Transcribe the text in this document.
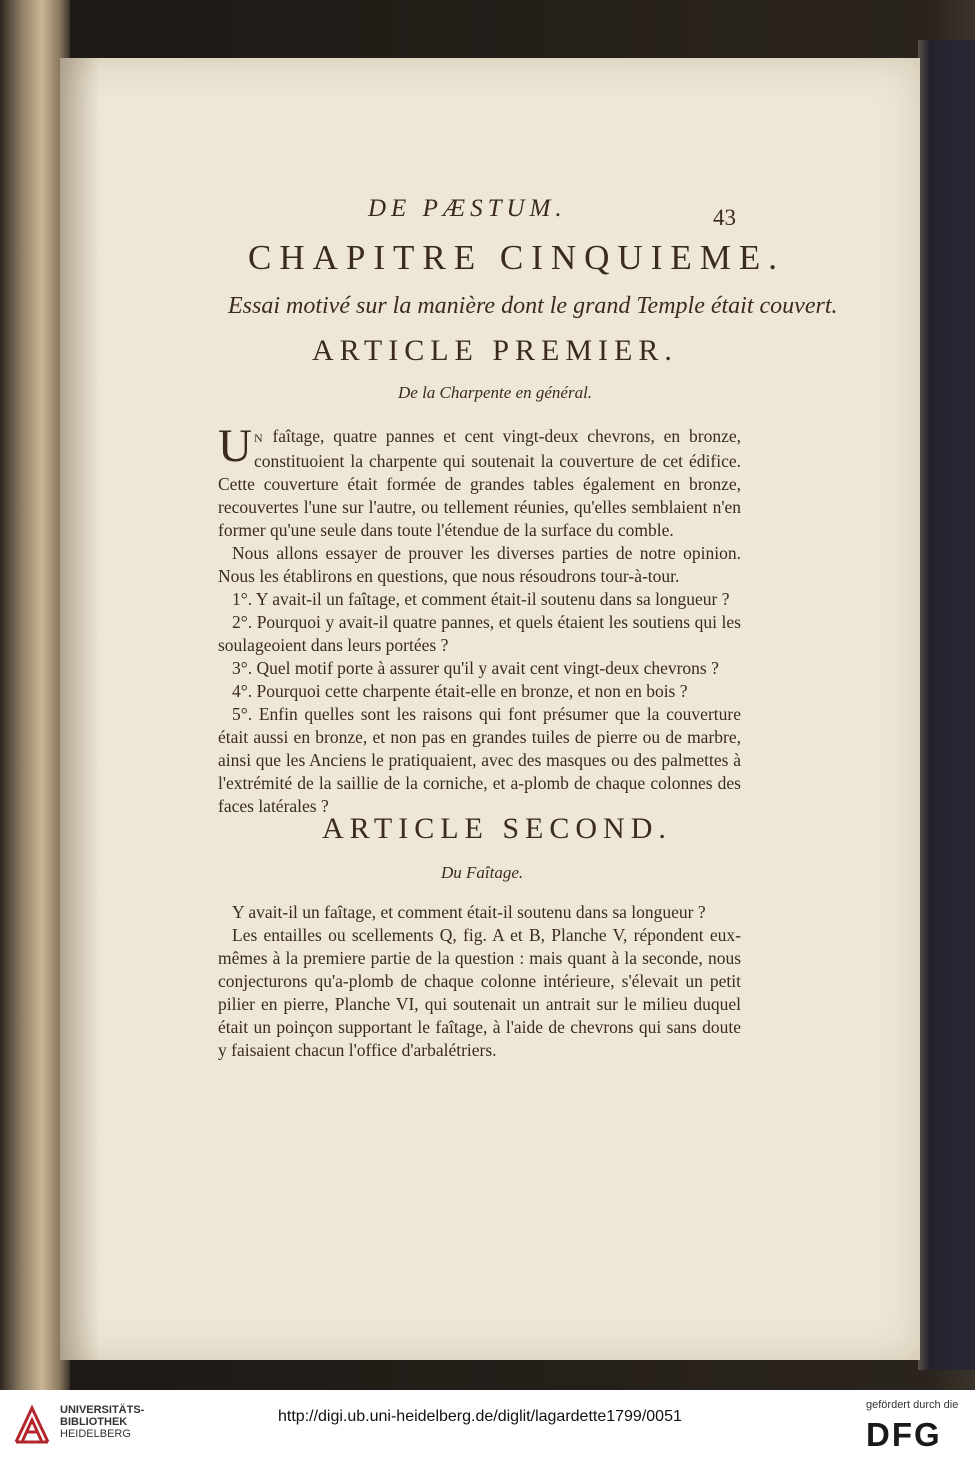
DE PÆSTUM.	43

CHAPITRE CINQUIEME.

Essai motivé sur la manière dont le grand Temple était couvert.

ARTICLE PREMIER.

De la Charpente en général.

U N faîtage, quatre pannes et cent vingt-deux chevrons, en bronze, constituoient la charpente qui soutenait la couverture de cet édifice. Cette couverture était formée de grandes tables également en bronze, recouvertes l'une sur l'autre, ou tellement réunies, qu'elles semblaient n'en former qu'une seule dans toute l'étendue de la surface du comble.

Nous allons essayer de prouver les diverses parties de notre opinion. Nous les établirons en questions, que nous résoudrons tour-à-tour.

1°. Y avait-il un faîtage, et comment était-il soutenu dans sa longueur ?

2°. Pourquoi y avait-il quatre pannes, et quels étaient les soutiens qui les soulageoient dans leurs portées ?

3°. Quel motif porte à assurer qu'il y avait cent vingt-deux chevrons ?

4°. Pourquoi cette charpente était-elle en bronze, et non en bois ?

5°. Enfin quelles sont les raisons qui font présumer que la couverture était aussi en bronze, et non pas en grandes tuiles de pierre ou de marbre, ainsi que les Anciens le pratiquaient, avec des masques ou des palmettes à l'extrémité de la saillie de la corniche, et a-plomb de chaque colonnes des faces latérales ?

ARTICLE SECOND.

Du Faîtage.

Y avait-il un faîtage, et comment était-il soutenu dans sa longueur ?

Les entailles ou scellements Q, fig. A et B, Planche V, répondent eux-mêmes à la premiere partie de la question : mais quant à la seconde, nous conjecturons qu'a-plomb de chaque colonne intérieure, s'élevait un petit pilier en pierre, Planche VI, qui soutenait un antrait sur le milieu duquel était un poinçon supportant le faîtage, à l'aide de chevrons qui sans doute y faisaient chacun l'office d'arbalétriers.

UNIVERSITÄTS-
BIBLIOTHEK
HEIDELBERG
http://digi.ub.uni-heidelberg.de/diglit/lagardette1799/0051
gefördert durch die
DFG
